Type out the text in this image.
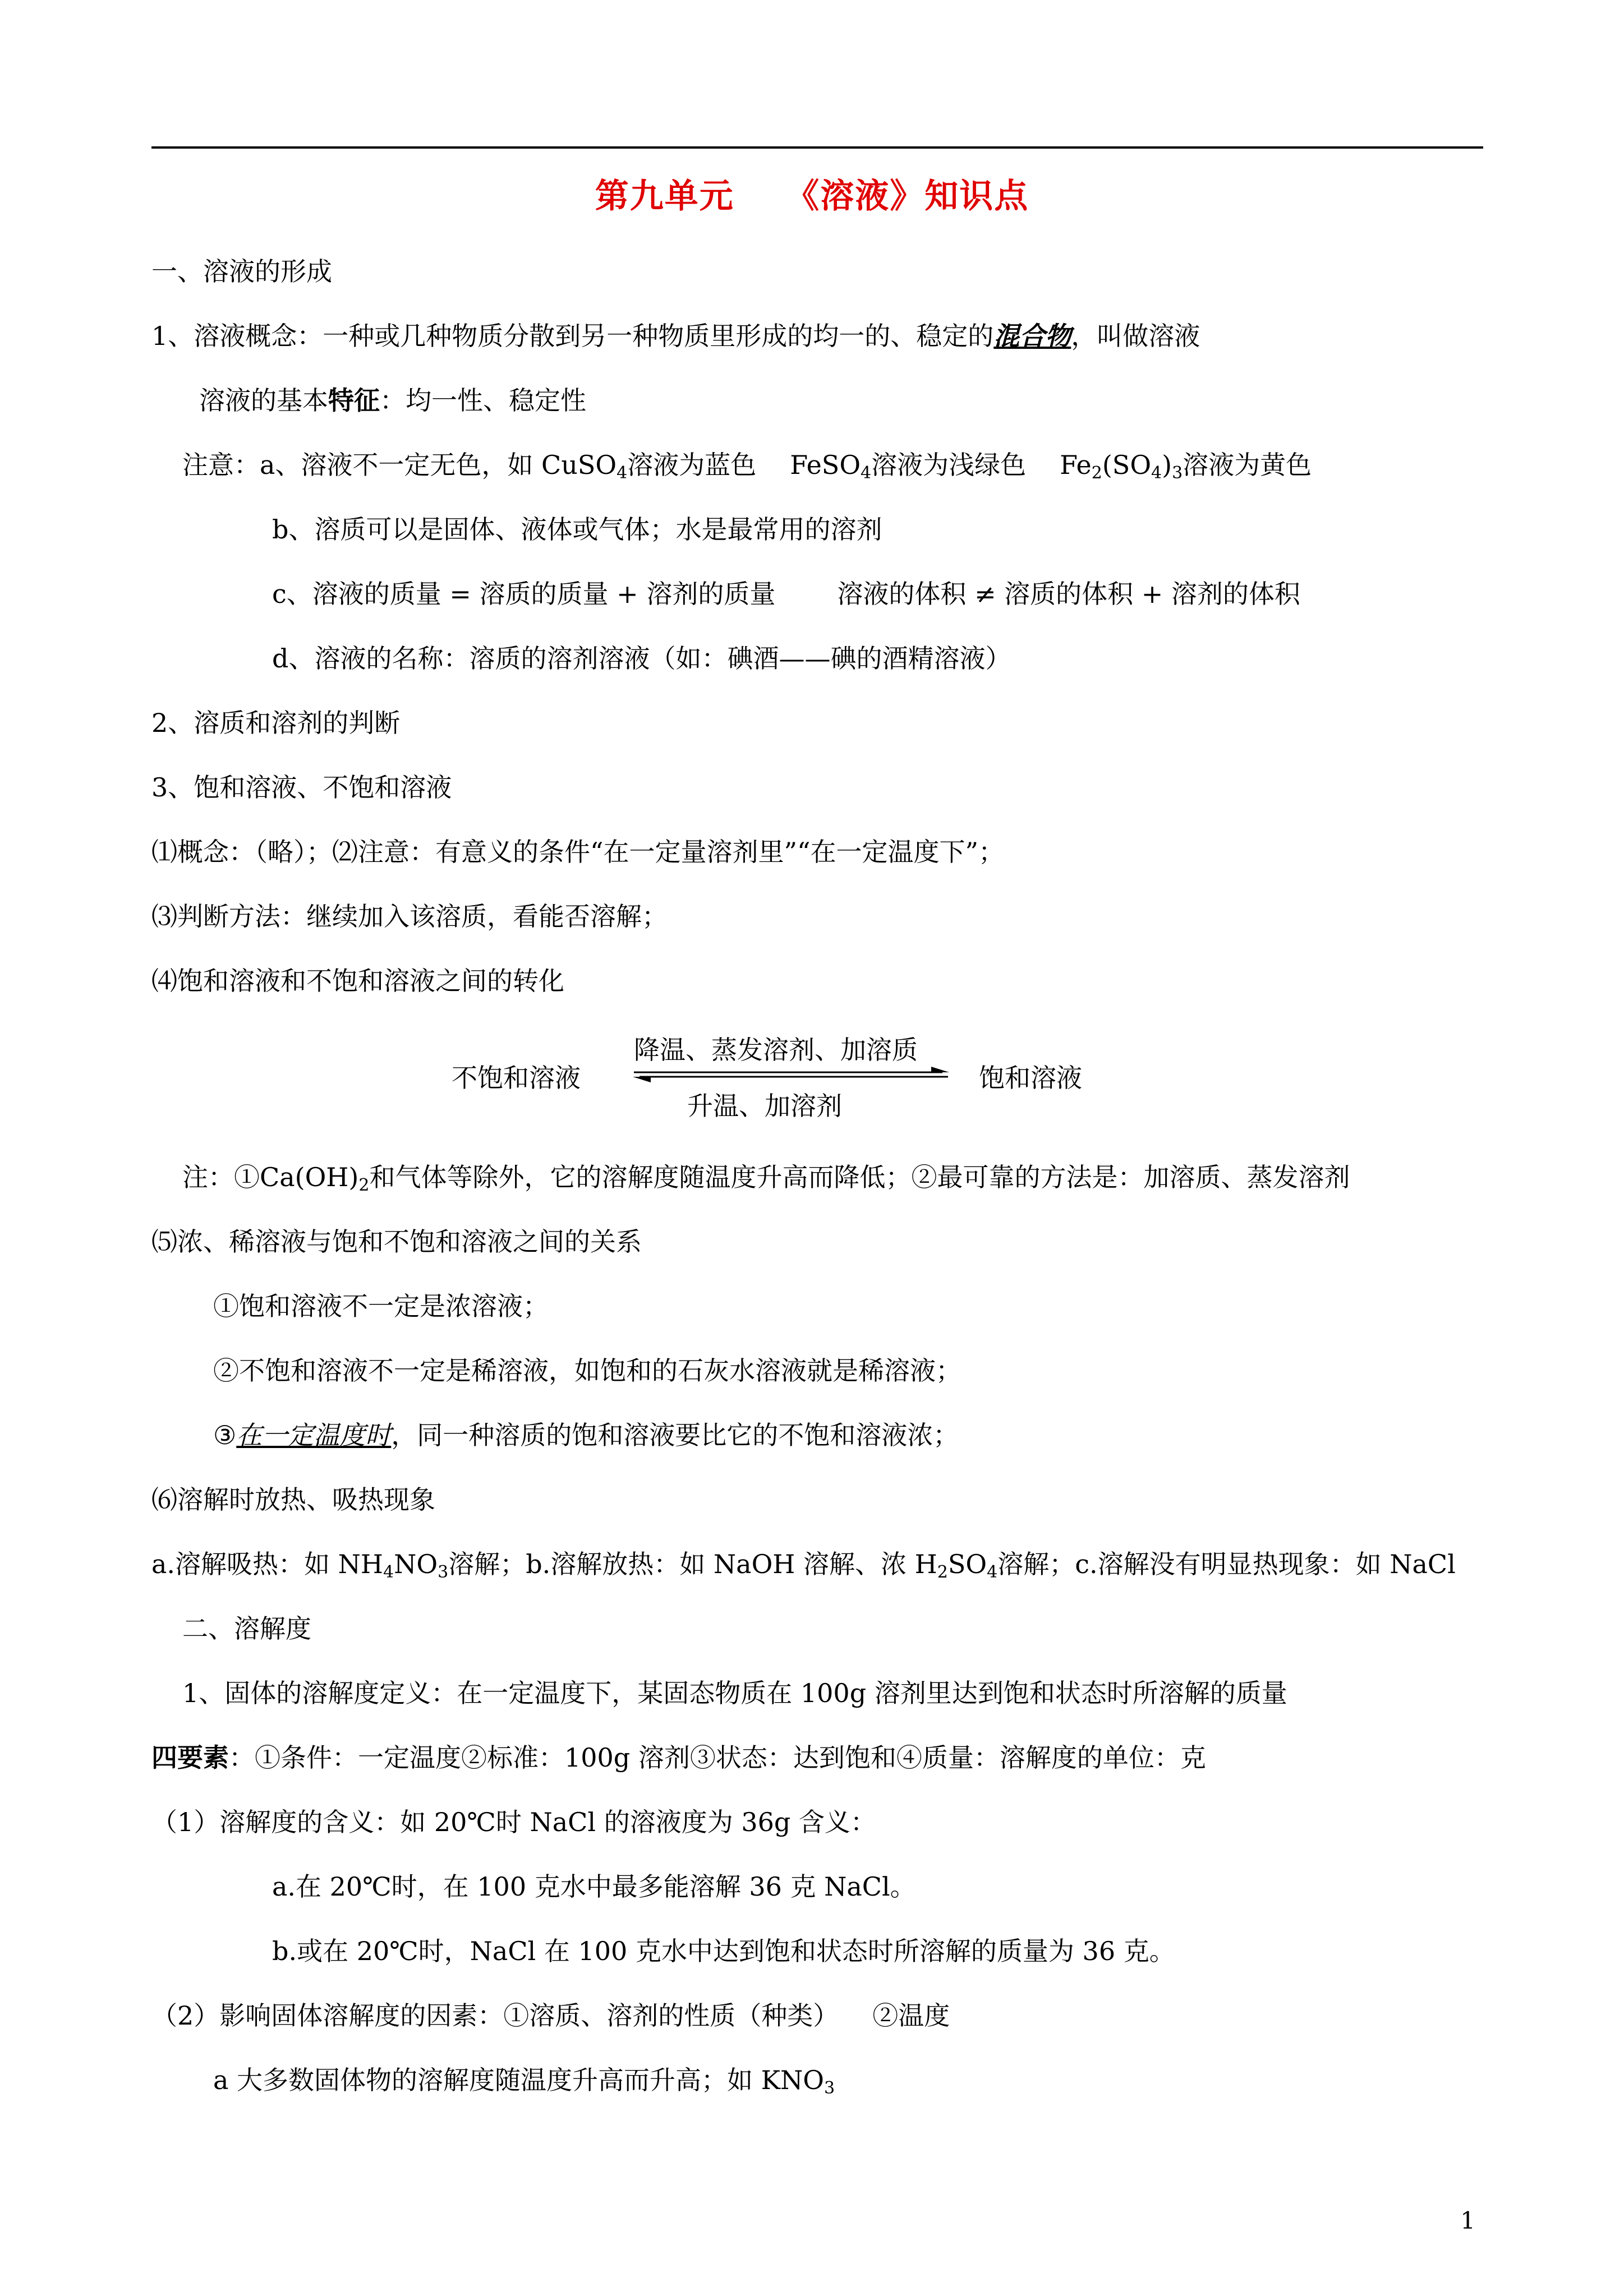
第九单元 《溶液》知识点
一、溶液的形成
1、溶液概念：一种或几种物质分散到另一种物质里形成的均一的、稳定的混合物，叫做溶液
溶液的基本特征：均一性、稳定性
注意：a、溶液不一定无色，如 CuSO$_4$溶液为蓝色 FeSO$_4$溶液为浅绿色 $Fe_2(SO_4)_3$溶液为黄色
b、溶质可以是固体、液体或气体；水是最常用的溶剂
c、溶液的质量 = 溶质的质量 + 溶剂的质量 溶液的体积 ≠ 溶质的体积 + 溶剂的体积
d、溶液的名称：溶质的溶剂溶液（如：碘酒——碘的酒精溶液）
2、溶质和溶剂的判断
3、饱和溶液、不饱和溶液
⑴概念：（略）；⑵注意：有意义的条件“在一定量溶剂里”“在一定温度下”；
⑶判断方法：继续加入该溶质，看能否溶解；
⑷饱和溶液和不饱和溶液之间的转化
不饱和溶液
降温、蒸发溶剂、加溶质
升温、加溶剂
饱和溶液
注：$①Ca(OH)_2$和气体等除外，它的溶解度随温度升高而降低；②最可靠的方法是：加溶质、蒸发溶剂
⑸浓、稀溶液与饱和不饱和溶液之间的关系
①饱和溶液不一定是浓溶液；
②不饱和溶液不一定是稀溶液，如饱和的石灰水溶液就是稀溶液；
③在一定温度时，同一种溶质的饱和溶液要比它的不饱和溶液浓；
⑹溶解时放热、吸热现象
a.溶解吸热：如 $NH_4NO_3$溶解；b.溶解放热：如 NaOH 溶解、浓 $H_2SO_4$溶解；c.溶解没有明显热现象：如 NaCl
二、溶解度
1、固体的溶解度定义：在一定温度下，某固态物质在 100g 溶剂里达到饱和状态时所溶解的质量
四要素：①条件：一定温度②标准：100g 溶剂③状态：达到饱和④质量：溶解度的单位：克
（1）溶解度的含义：如 20℃时 NaCl 的溶液度为 36g 含义：
a.在 20℃时，在 100 克水中最多能溶解 36 克 NaCl。
b.或在 20℃时，NaCl 在 100 克水中达到饱和状态时所溶解的质量为 36 克。
（2）影响固体溶解度的因素：①溶质、溶剂的性质（种类） ②温度
a 大多数固体物的溶解度随温度升高而升高；如 $KNO_3$
1
